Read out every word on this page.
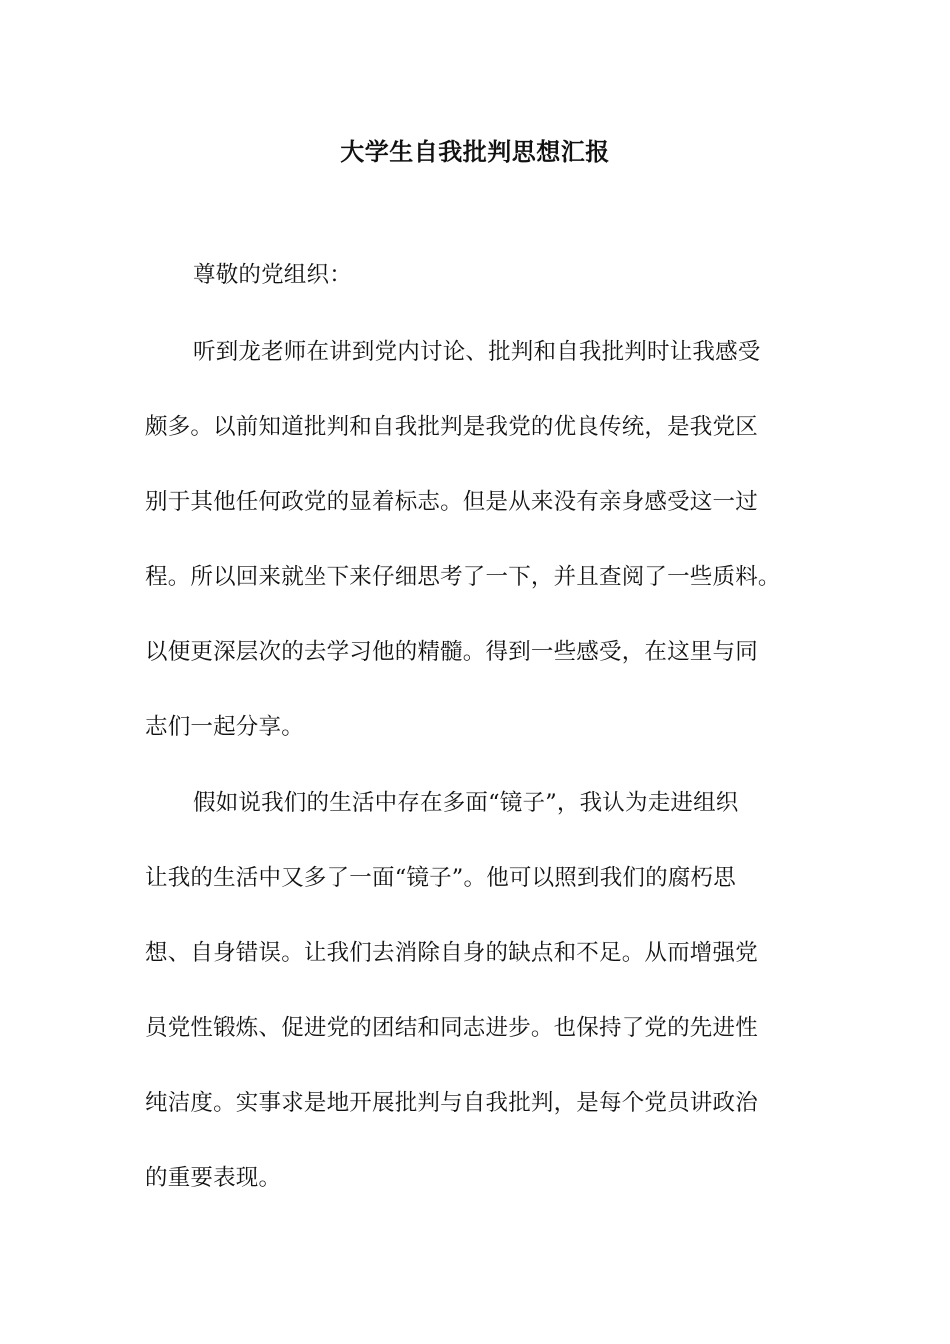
大学生自我批判思想汇报
尊敬的党组织：
听到龙老师在讲到党内讨论、批判和自我批判时让我感受
颇多。以前知道批判和自我批判是我党的优良传统，是我党区
别于其他任何政党的显着标志。但是从来没有亲身感受这一过
程。所以回来就坐下来仔细思考了一下，并且查阅了一些质料。
以便更深层次的去学习他的精髓。得到一些感受，在这里与同
志们一起分享。
假如说我们的生活中存在多面“镜子”，我认为走进组织
让我的生活中又多了一面“镜子”。他可以照到我们的腐朽思
想、自身错误。让我们去消除自身的缺点和不足。从而增强党
员党性锻炼、促进党的团结和同志进步。也保持了党的先进性
纯洁度。实事求是地开展批判与自我批判，是每个党员讲政治
的重要表现。
